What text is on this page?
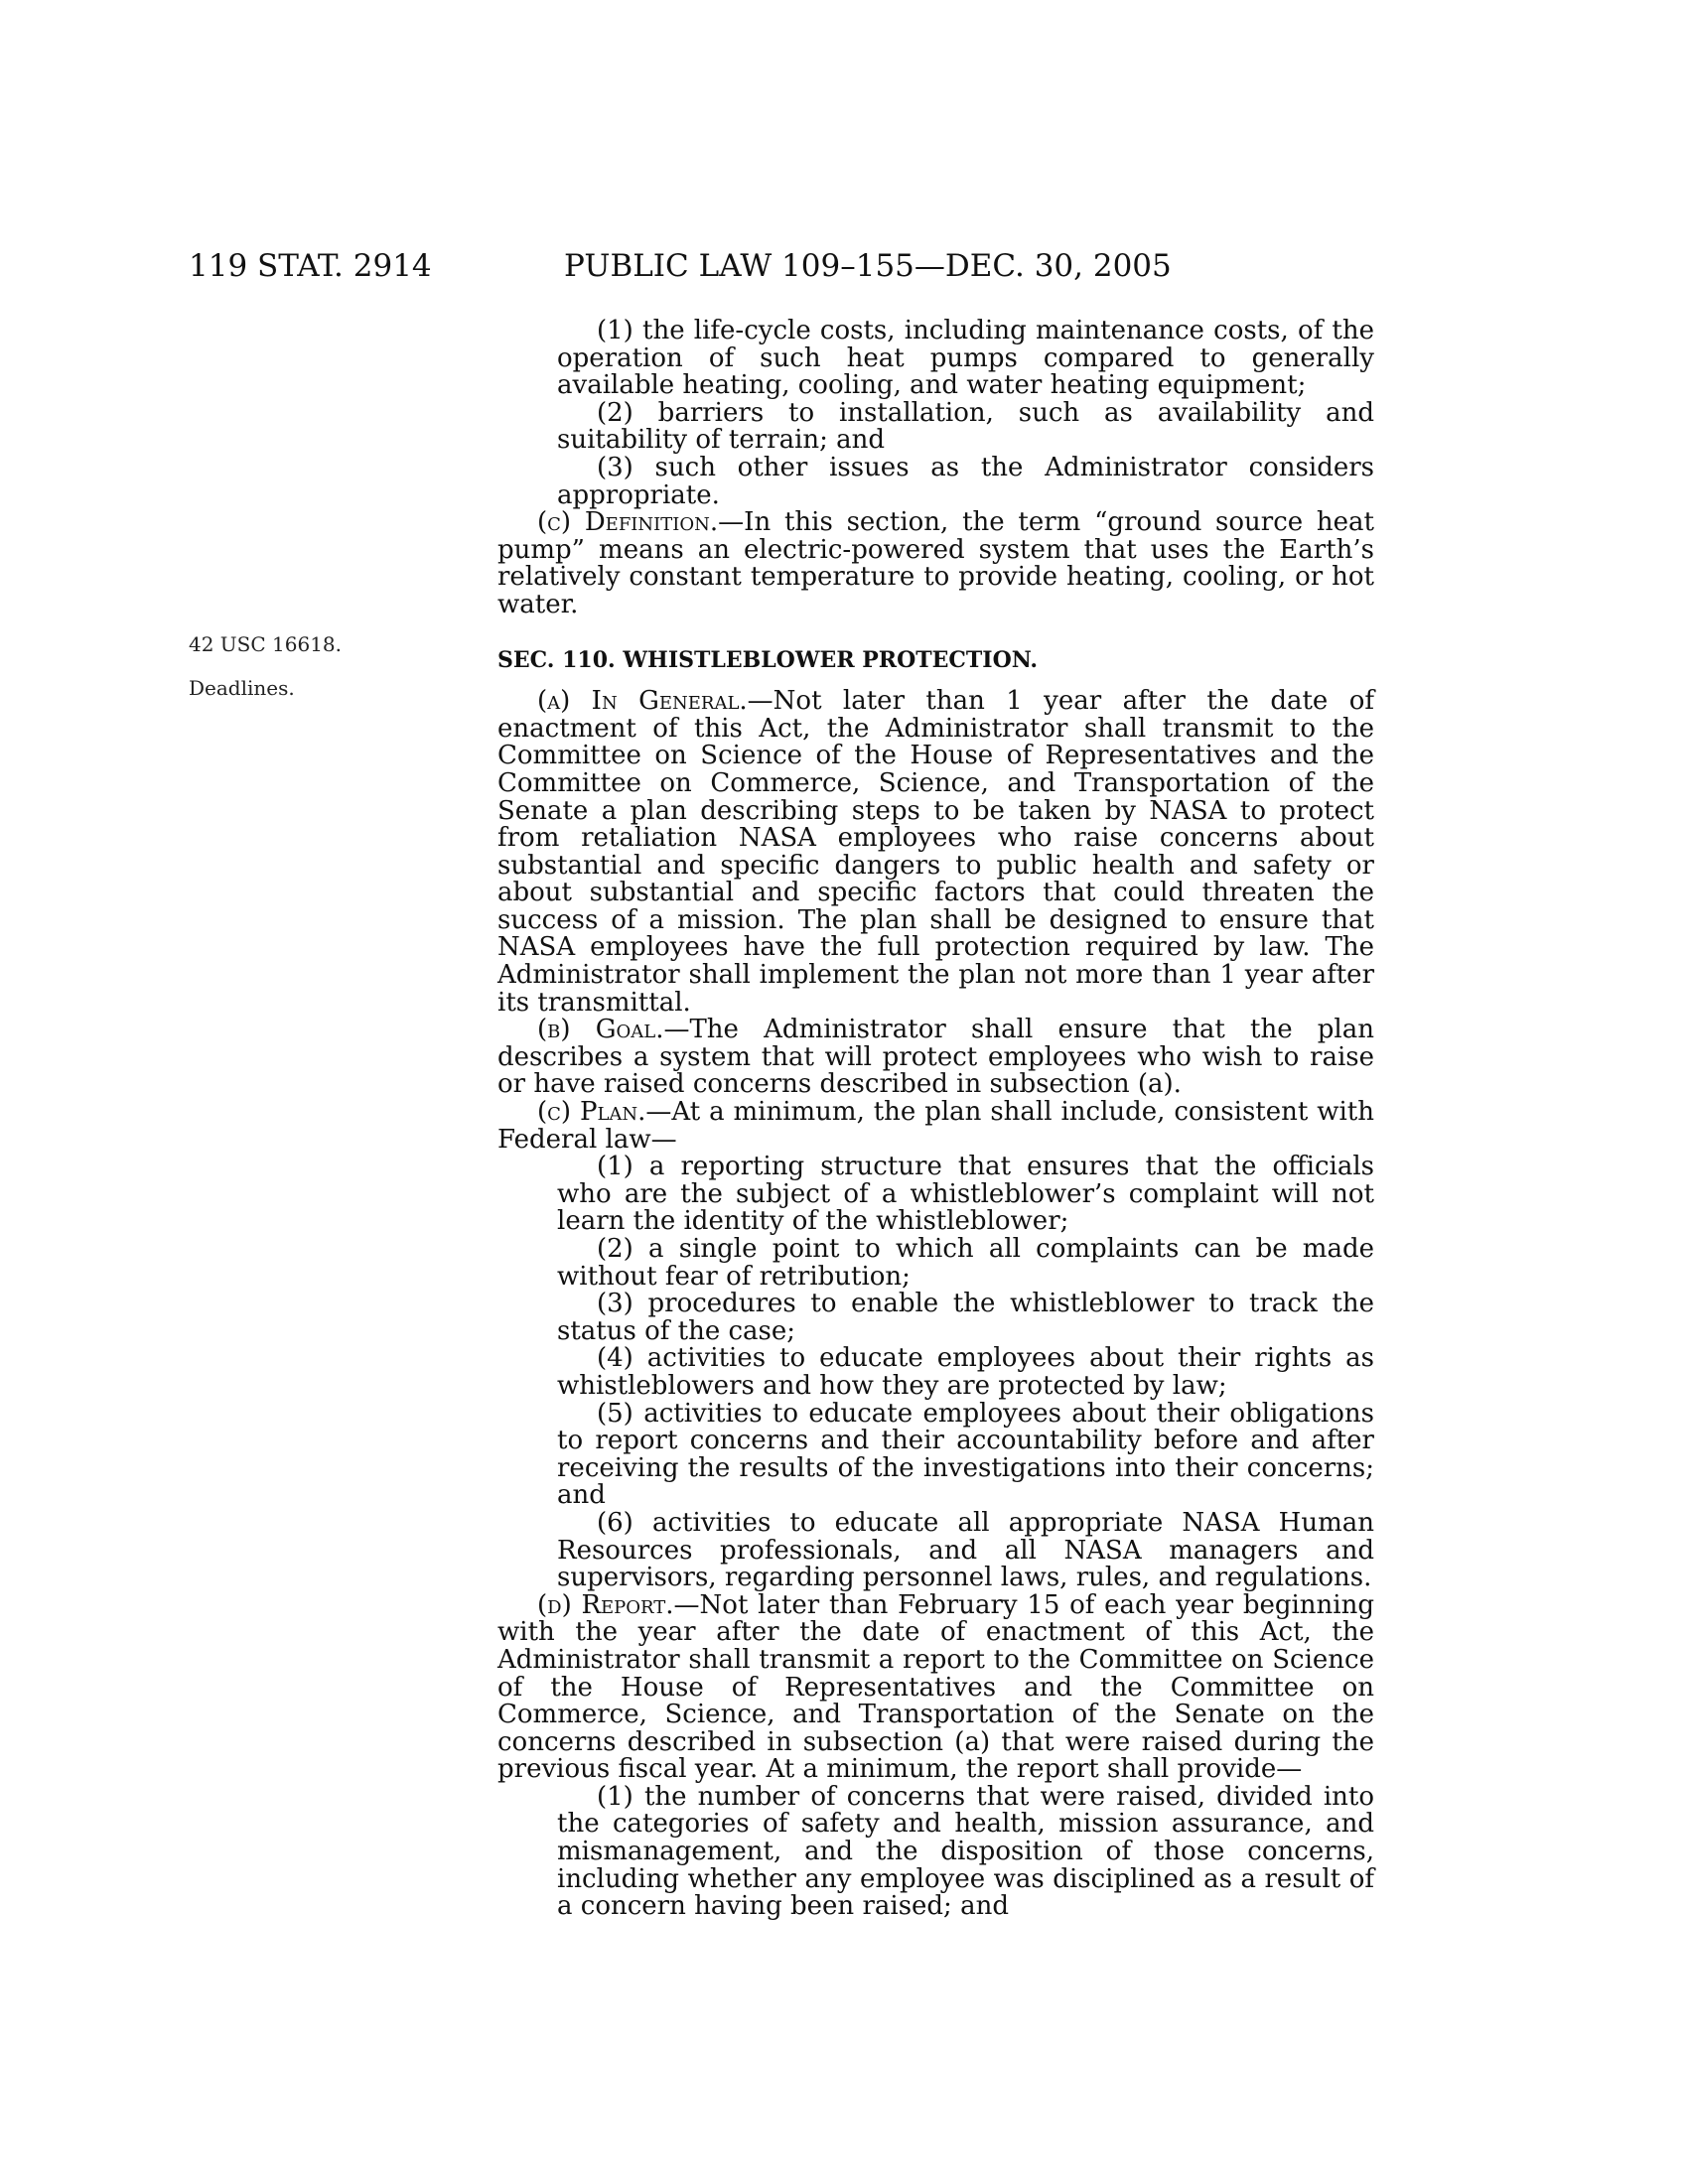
119 STAT. 2914	PUBLIC LAW 109–155—DEC. 30, 2005
42 USC 16618.
Deadlines.

(1) the life-cycle costs, including maintenance costs, of the operation of such heat pumps compared to generally available heating, cooling, and water heating equipment;

(2) barriers to installation, such as availability and suitability of terrain; and

(3) such other issues as the Administrator considers appropriate.

(c) Definition.—In this section, the term “ground source heat pump” means an electric-powered system that uses the Earth’s relatively constant temperature to provide heating, cooling, or hot water.

SEC. 110. WHISTLEBLOWER PROTECTION.

(a) In General.—Not later than 1 year after the date of enactment of this Act, the Administrator shall transmit to the Committee on Science of the House of Representatives and the Committee on Commerce, Science, and Transportation of the Senate a plan describing steps to be taken by NASA to protect from retaliation NASA employees who raise concerns about substantial and specific dangers to public health and safety or about substantial and specific factors that could threaten the success of a mission. The plan shall be designed to ensure that NASA employees have the full protection required by law. The Administrator shall implement the plan not more than 1 year after its transmittal.

(b) Goal.—The Administrator shall ensure that the plan describes a system that will protect employees who wish to raise or have raised concerns described in subsection (a).

(c) Plan.—At a minimum, the plan shall include, consistent with Federal law—

(1) a reporting structure that ensures that the officials who are the subject of a whistleblower’s complaint will not learn the identity of the whistleblower;

(2) a single point to which all complaints can be made without fear of retribution;

(3) procedures to enable the whistleblower to track the status of the case;

(4) activities to educate employees about their rights as whistleblowers and how they are protected by law;

(5) activities to educate employees about their obligations to report concerns and their accountability before and after receiving the results of the investigations into their concerns; and

(6) activities to educate all appropriate NASA Human Resources professionals, and all NASA managers and supervisors, regarding personnel laws, rules, and regulations.

(d) Report.—Not later than February 15 of each year beginning with the year after the date of enactment of this Act, the Administrator shall transmit a report to the Committee on Science of the House of Representatives and the Committee on Commerce, Science, and Transportation of the Senate on the concerns described in subsection (a) that were raised during the previous fiscal year. At a minimum, the report shall provide—

(1) the number of concerns that were raised, divided into the categories of safety and health, mission assurance, and mismanagement, and the disposition of those concerns, including whether any employee was disciplined as a result of a concern having been raised; and
